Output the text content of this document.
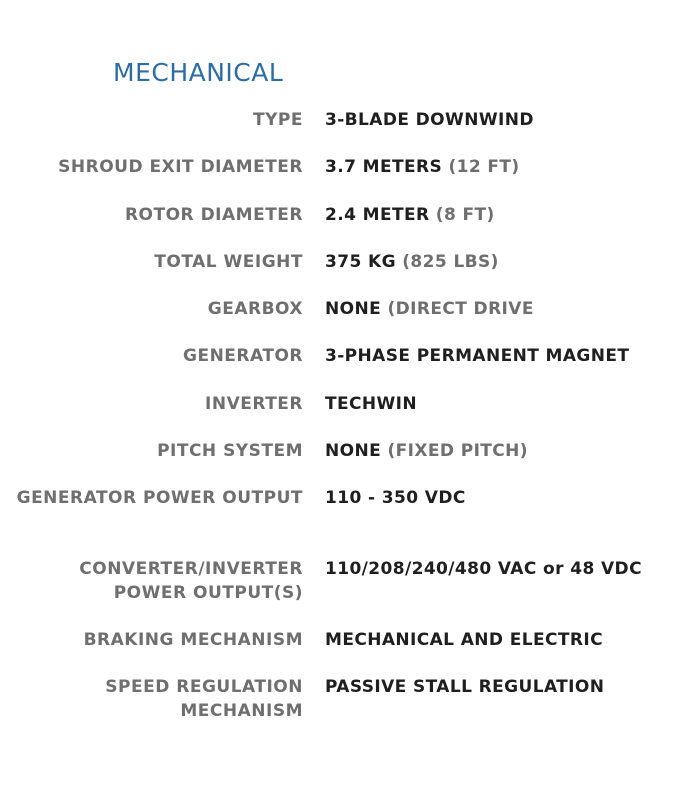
MECHANICAL
TYPE 3-BLADE DOWNWIND
SHROUD EXIT DIAMETER 3.7 METERS (12 FT)
ROTOR DIAMETER 2.4 METER (8 FT)
TOTAL WEIGHT 375 KG (825 LBS)
GEARBOX NONE (DIRECT DRIVE
GENERATOR 3-PHASE PERMANENT MAGNET
INVERTER TECHWIN
PITCH SYSTEM NONE (FIXED PITCH)
GENERATOR POWER OUTPUT 110 - 350 VDC
CONVERTER/INVERTER POWER OUTPUT(S)
110/208/240/480 VAC or 48 VDC
BRAKING MECHANISM MECHANICAL AND ELECTRIC
SPEED REGULATION MECHANISM
PASSIVE STALL REGULATION
